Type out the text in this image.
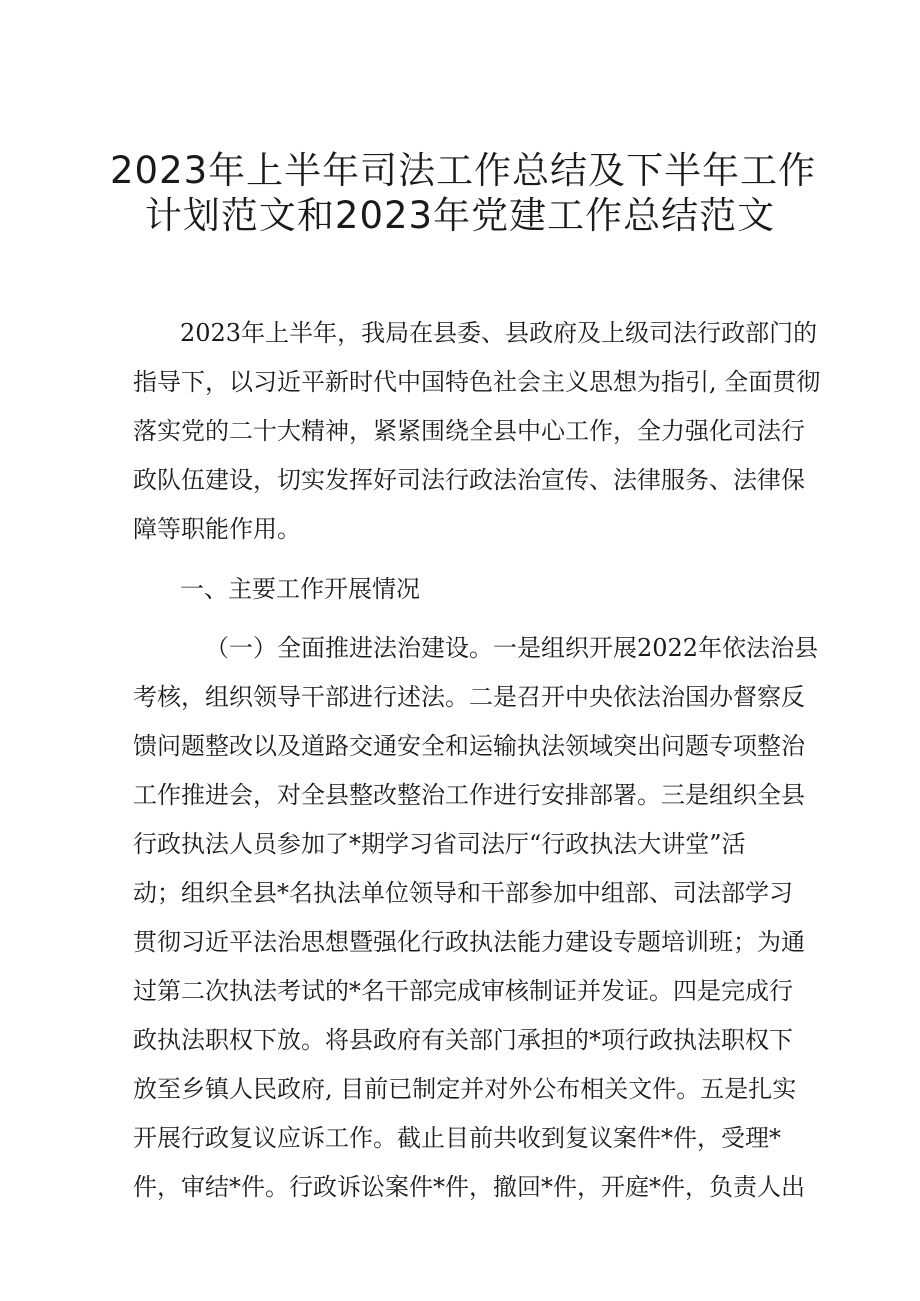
2023年上半年司法工作总结及下半年工作
计划范文和2023年党建工作总结范文
2023年上半年，我局在县委、县政府及上级司法行政部门的
指导下，以习近平新时代中国特色社会主义思想为指引, 全面贯彻
落实党的二十大精神，紧紧围绕全县中心工作，全力强化司法行
政队伍建设，切实发挥好司法行政法治宣传、法律服务、法律保
障等职能作用。
一、主要工作开展情况
（一）全面推进法治建设。一是组织开展2022年依法治县
考核，组织领导干部进行述法。二是召开中央依法治国办督察反
馈问题整改以及道路交通安全和运输执法领域突出问题专项整治
工作推进会，对全县整改整治工作进行安排部署。三是组织全县
行政执法人员参加了*期学习省司法厅“行政执法大讲堂”活
动；组织全县*名执法单位领导和干部参加中组部、司法部学习
贯彻习近平法治思想暨强化行政执法能力建设专题培训班；为通
过第二次执法考试的*名干部完成审核制证并发证。四是完成行
政执法职权下放。将县政府有关部门承担的*项行政执法职权下
放至乡镇人民政府, 目前已制定并对外公布相关文件。五是扎实
开展行政复议应诉工作。截止目前共收到复议案件*件，受理*
件，审结*件。行政诉讼案件*件，撤回*件，开庭*件，负责人出
